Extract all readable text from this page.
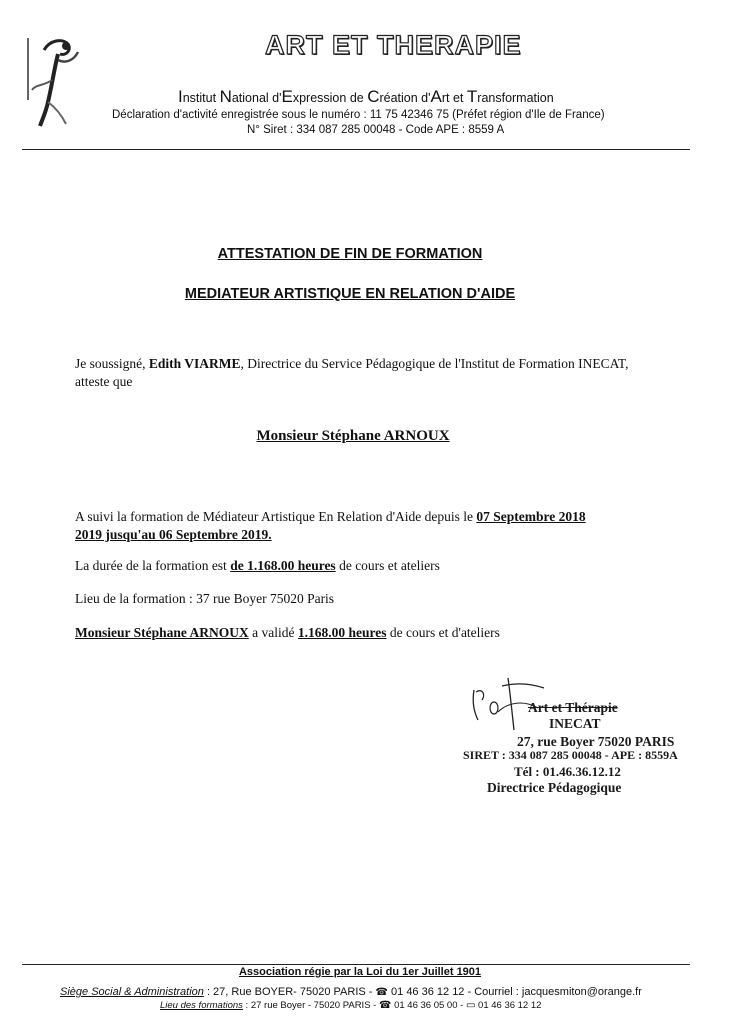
ART ET THERAPIE
Institut National d'Expression de Création d'Art et Transformation
Déclaration d'activité enregistrée sous le numéro : 11 75 42346 75 (Préfet région d'Ile de France)
N° Siret : 334 087 285 00048 - Code APE : 8559 A
ATTESTATION DE FIN DE FORMATION
MEDIATEUR ARTISTIQUE EN RELATION D'AIDE
Je soussigné, Edith VIARME, Directrice du Service Pédagogique de l'Institut de Formation INECAT, atteste que
Monsieur Stéphane ARNOUX
A suivi la formation de Médiateur Artistique En Relation d'Aide depuis le 07 Septembre 2018
2019 jusqu'au 06 Septembre 2019.
La durée de la formation est de 1.168.00 heures de cours et ateliers
Lieu de la formation : 37 rue Boyer 75020 Paris
Monsieur Stéphane ARNOUX a validé 1.168.00 heures de cours et d'ateliers
Art et Thérapie
INECAT
27, rue Boyer 75020 PARIS
SIRET : 334 087 285 00048 - APE : 8559A
Tél : 01.46.36.12.12
Directrice Pédagogique
Association régie par la Loi du 1er Juillet 1901
Siège Social & Administration : 27, Rue BOYER- 75020 PARIS - ☎ 01 46 36 12 12 - Courriel : jacquesmiton@orange.fr
Lieu des formations : 27 rue Boyer - 75020 PARIS - ☎ 01 46 36 05 00 - ▭ 01 46 36 12 12
